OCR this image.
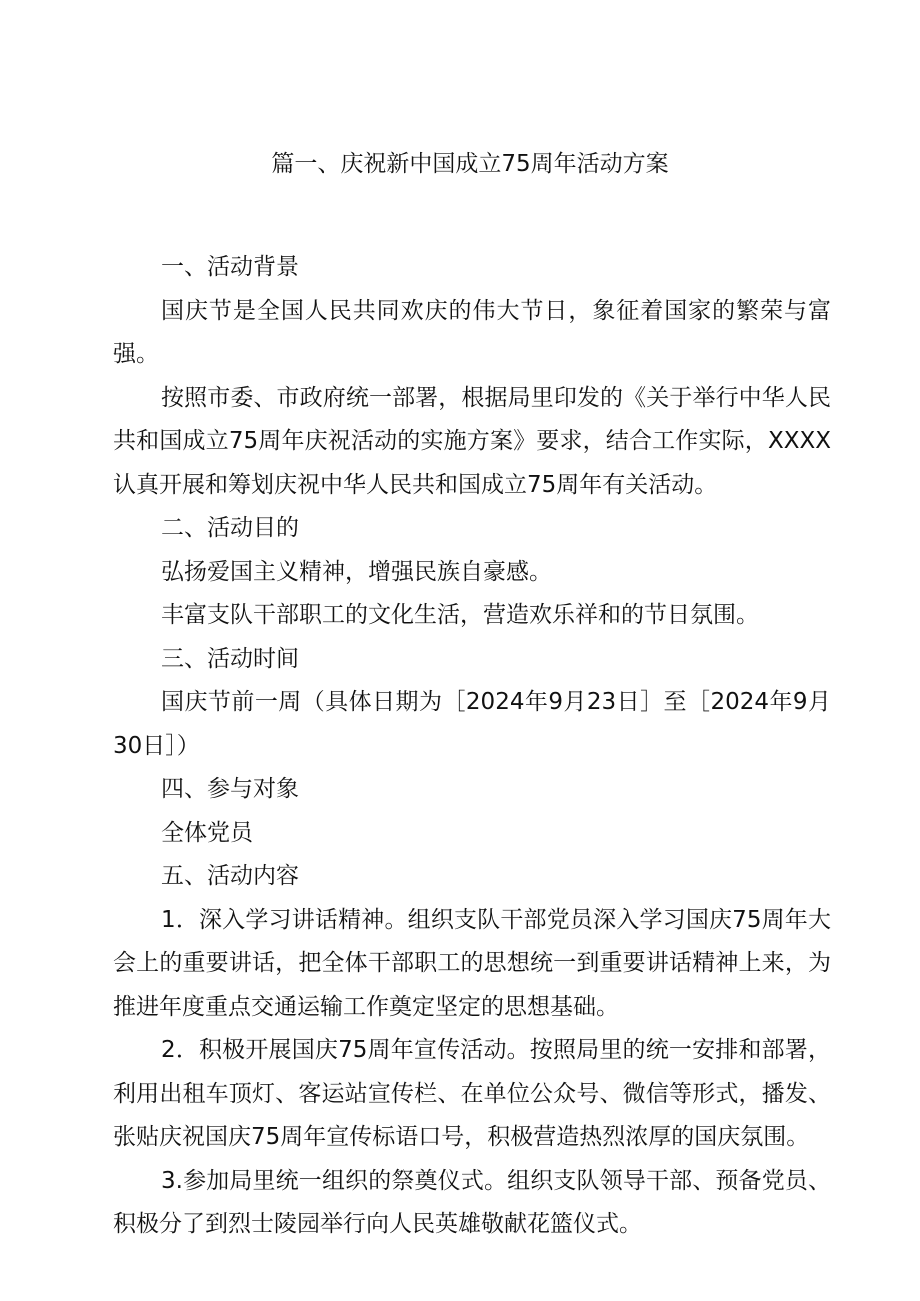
篇一、庆祝新中国成立75周年活动方案

一、活动背景

国庆节是全国人民共同欢庆的伟大节日，象征着国家的繁荣与富强。

按照市委、市政府统一部署，根据局里印发的《关于举行中华人民共和国成立75周年庆祝活动的实施方案》要求，结合工作实际，XXXX认真开展和筹划庆祝中华人民共和国成立75周年有关活动。

二、活动目的

弘扬爱国主义精神，增强民族自豪感。

丰富支队干部职工的文化生活，营造欢乐祥和的节日氛围。

三、活动时间

国庆节前一周（具体日期为［2024年9月23日］至［2024年9月30日］）

四、参与对象

全体党员

五、活动内容

1．深入学习讲话精神。组织支队干部党员深入学习国庆75周年大会上的重要讲话，把全体干部职工的思想统一到重要讲话精神上来，为推进年度重点交通运输工作奠定坚定的思想基础。

2．积极开展国庆75周年宣传活动。按照局里的统一安排和部署，利用出租车顶灯、客运站宣传栏、在单位公众号、微信等形式，播发、张贴庆祝国庆75周年宣传标语口号，积极营造热烈浓厚的国庆氛围。

3.参加局里统一组织的祭奠仪式。组织支队领导干部、预备党员、积极分了到烈士陵园举行向人民英雄敬献花篮仪式。
